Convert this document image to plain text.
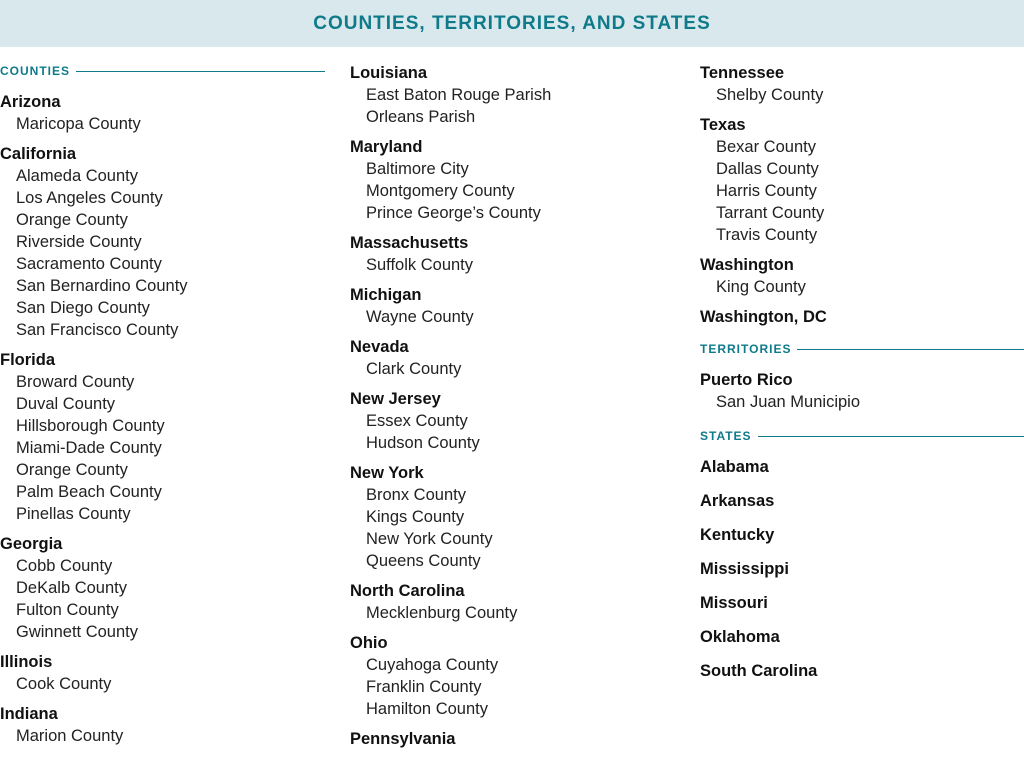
COUNTIES, TERRITORIES, AND STATES
COUNTIES
Arizona
Maricopa County
California
Alameda County
Los Angeles County
Orange County
Riverside County
Sacramento County
San Bernardino County
San Diego County
San Francisco County
Florida
Broward County
Duval County
Hillsborough County
Miami-Dade County
Orange County
Palm Beach County
Pinellas County
Georgia
Cobb County
DeKalb County
Fulton County
Gwinnett County
Illinois
Cook County
Indiana
Marion County
Louisiana
East Baton Rouge Parish
Orleans Parish
Maryland
Baltimore City
Montgomery County
Prince George’s County
Massachusetts
Suffolk County
Michigan
Wayne County
Nevada
Clark County
New Jersey
Essex County
Hudson County
New York
Bronx County
Kings County
New York County
Queens County
North Carolina
Mecklenburg County
Ohio
Cuyahoga County
Franklin County
Hamilton County
Pennsylvania
Tennessee
Shelby County
Texas
Bexar County
Dallas County
Harris County
Tarrant County
Travis County
Washington
King County
Washington, DC
TERRITORIES
Puerto Rico
San Juan Municipio
STATES
Alabama
Arkansas
Kentucky
Mississippi
Missouri
Oklahoma
South Carolina
